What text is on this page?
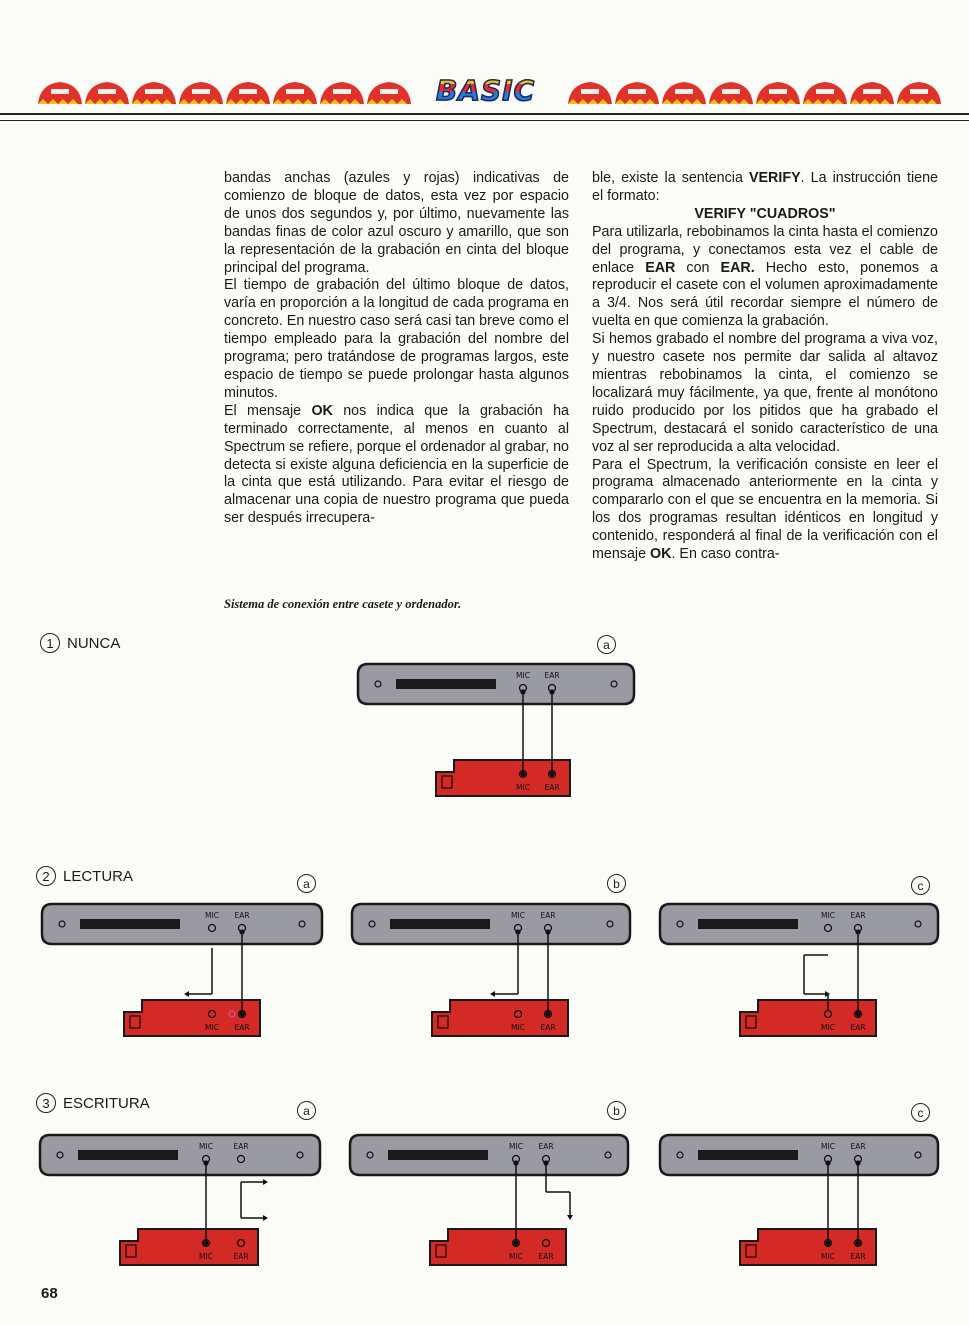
BASIC

bandas anchas (azules y rojas) indicativas de comienzo de bloque de datos, esta vez por espacio de unos dos segundos y, por último, nuevamente las bandas finas de color azul oscuro y amarillo, que son la representación de la grabación en cinta del bloque principal del programa.

El tiempo de grabación del último bloque de datos, varía en proporción a la longitud de cada programa en concreto. En nuestro caso será casi tan breve como el tiempo empleado para la grabación del nombre del programa; pero tratándose de programas largos, este espacio de tiempo se puede prolongar hasta algunos minutos.

El mensaje OK nos indica que la grabación ha terminado correctamente, al menos en cuanto al Spectrum se refiere, porque el ordenador al grabar, no detecta si existe alguna deficiencia en la superficie de la cinta que está utilizando. Para evitar el riesgo de almacenar una copia de nuestro programa que pueda ser después irrecupera-

ble, existe la sentencia VERIFY. La instrucción tiene el formato:

VERIFY "CUADROS"

Para utilizarla, rebobinamos la cinta hasta el comienzo del programa, y conectamos esta vez el cable de enlace EAR con EAR. Hecho esto, ponemos a reproducir el casete con el volumen aproximadamente a 3/4. Nos será útil recordar siempre el número de vuelta en que comienza la grabación.

Si hemos grabado el nombre del programa a viva voz, y nuestro casete nos permite dar salida al altavoz mientras rebobinamos la cinta, el comienzo se localizará muy fácilmente, ya que, frente al monótono ruido producido por los pitidos que ha grabado el Spectrum, destacará el sonido característico de una voz al ser reproducida a alta velocidad.

Para el Spectrum, la verificación consiste en leer el programa almacenado anteriormente en la cinta y compararlo con el que se encuentra en la memoria. Si los dos programas resultan idénticos en longitud y contenido, responderá al final de la verificación con el mensaje OK. En caso contra-

Sistema de conexión entre casete y ordenador.
1 NUNCA
2 LECTURA
3 ESCRITURA
a
a	b	c
a	b	c
MIC EAR
MIC EAR
MIC EAR
MIC EAR
MIC EAR
MIC EAR
MIC EAR
MIC EAR
MIC	EAR
MIC	EAR
MIC EAR
MIC EAR
MIC EAR
MIC EAR
68
